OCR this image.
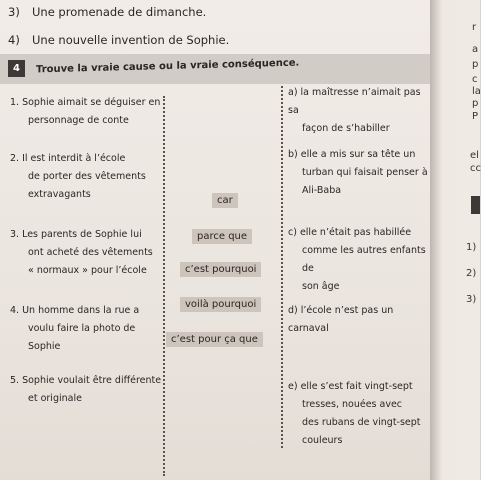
3) Une promenade de dimanche.
4) Une nouvelle invention de Sophie.
4	Trouve la vraie cause ou la vraie conséquence.
1. Sophie aimait se déguiser en
personnage de conte
2. Il est interdit à l’école
de porter des vêtements
extravagants
3. Les parents de Sophie lui
ont acheté des vêtements
« normaux » pour l’école
4. Un homme dans la rue a
voulu faire la photo de
Sophie
5. Sophie voulait être différente
et originale
car
parce que
c’est pourquoi
voilà pourquoi
c’est pour ça que
a) la maîtresse n’aimait pas sa
façon de s’habiller
b) elle a mis sur sa tête un
turban qui faisait penser à
Ali-Baba
c) elle n’était pas habillée
comme les autres enfants de
son âge
d) l’école n’est pas un carnaval
e) elle s’est fait vingt-sept
tresses, nouées avec
des rubans de vingt-sept
couleurs
r
a
p
c
la
p
P
el
cc
1)
2)
3)
